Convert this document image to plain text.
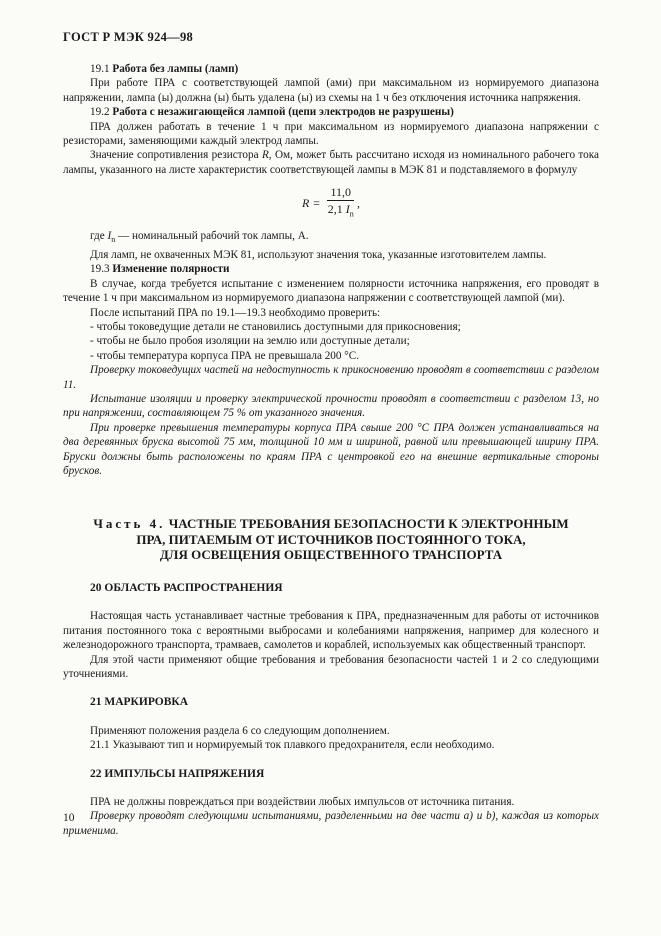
ГОСТ Р МЭК 924—98

19.1 Работа без лампы (ламп)

При работе ПРА с соответствующей лампой (ами) при максимальном из нормируемого диапазона напряжении, лампа (ы) должна (ы) быть удалена (ы) из схемы на 1 ч без отключения источника напряжения.

19.2 Работа с незажигающейся лампой (цепи электродов не разрушены)

ПРА должен работать в течение 1 ч при максимальном из нормируемого диапазона напряжении с резисторами, заменяющими каждый электрод лампы.

Значение сопротивления резистора R, Ом, может быть рассчитано исходя из номинального рабочего тока лампы, указанного на листе характеристик соответствующей лампы в МЭК 81 и подставляемого в формулу

$R = \frac{11,0}{2,1 I_n}$ ,

где $I_n$ — номинальный рабочий ток лампы, А.

Для ламп, не охваченных МЭК 81, используют значения тока, указанные изготовителем лампы.

19.3 Изменение полярности

В случае, когда требуется испытание с изменением полярности источника напряжения, его проводят в течение 1 ч при максимальном из нормируемого диапазона напряжении с соответствующей лампой (ми).

После испытаний ПРА по 19.1—19.3 необходимо проверить:

- чтобы токоведущие детали не становились доступными для прикосновения;

- чтобы не было пробоя изоляции на землю или доступные детали;

- чтобы температура корпуса ПРА не превышала 200 °С.

Проверку токоведущих частей на недоступность к прикосновению проводят в соответствии с разделом 11.

Испытание изоляции и проверку электрической прочности проводят в соответствии с разделом 13, но при напряжении, составляющем 75 % от указанного значения.

При проверке превышения температуры корпуса ПРА свыше 200 °С ПРА должен устанавливаться на два деревянных бруска высотой 75 мм, толщиной 10 мм и шириной, равной или превышающей ширину ПРА. Бруски должны быть расположены по краям ПРА с центровкой его на внешние вертикальные стороны брусков.

Часть 4. ЧАСТНЫЕ ТРЕБОВАНИЯ БЕЗОПАСНОСТИ К ЭЛЕКТРОННЫМ
ПРА, ПИТАЕМЫМ ОТ ИСТОЧНИКОВ ПОСТОЯННОГО ТОКА,
ДЛЯ ОСВЕЩЕНИЯ ОБЩЕСТВЕННОГО ТРАНСПОРТА
20 ОБЛАСТЬ РАСПРОСТРАНЕНИЯ

Настоящая часть устанавливает частные требования к ПРА, предназначенным для работы от источников питания постоянного тока с вероятными выбросами и колебаниями напряжения, например для колесного и железнодорожного транспорта, трамваев, самолетов и кораблей, используемых как общественный транспорт.

Для этой части применяют общие требования и требования безопасности частей 1 и 2 со следующими уточнениями.

21 МАРКИРОВКА

Применяют положения раздела 6 со следующим дополнением.

21.1 Указывают тип и нормируемый ток плавкого предохранителя, если необходимо.

22 ИМПУЛЬСЫ НАПРЯЖЕНИЯ

ПРА не должны повреждаться при воздействии любых импульсов от источника питания.

Проверку проводят следующими испытаниями, разделенными на две части а) и b), каждая из которых применима.

10
